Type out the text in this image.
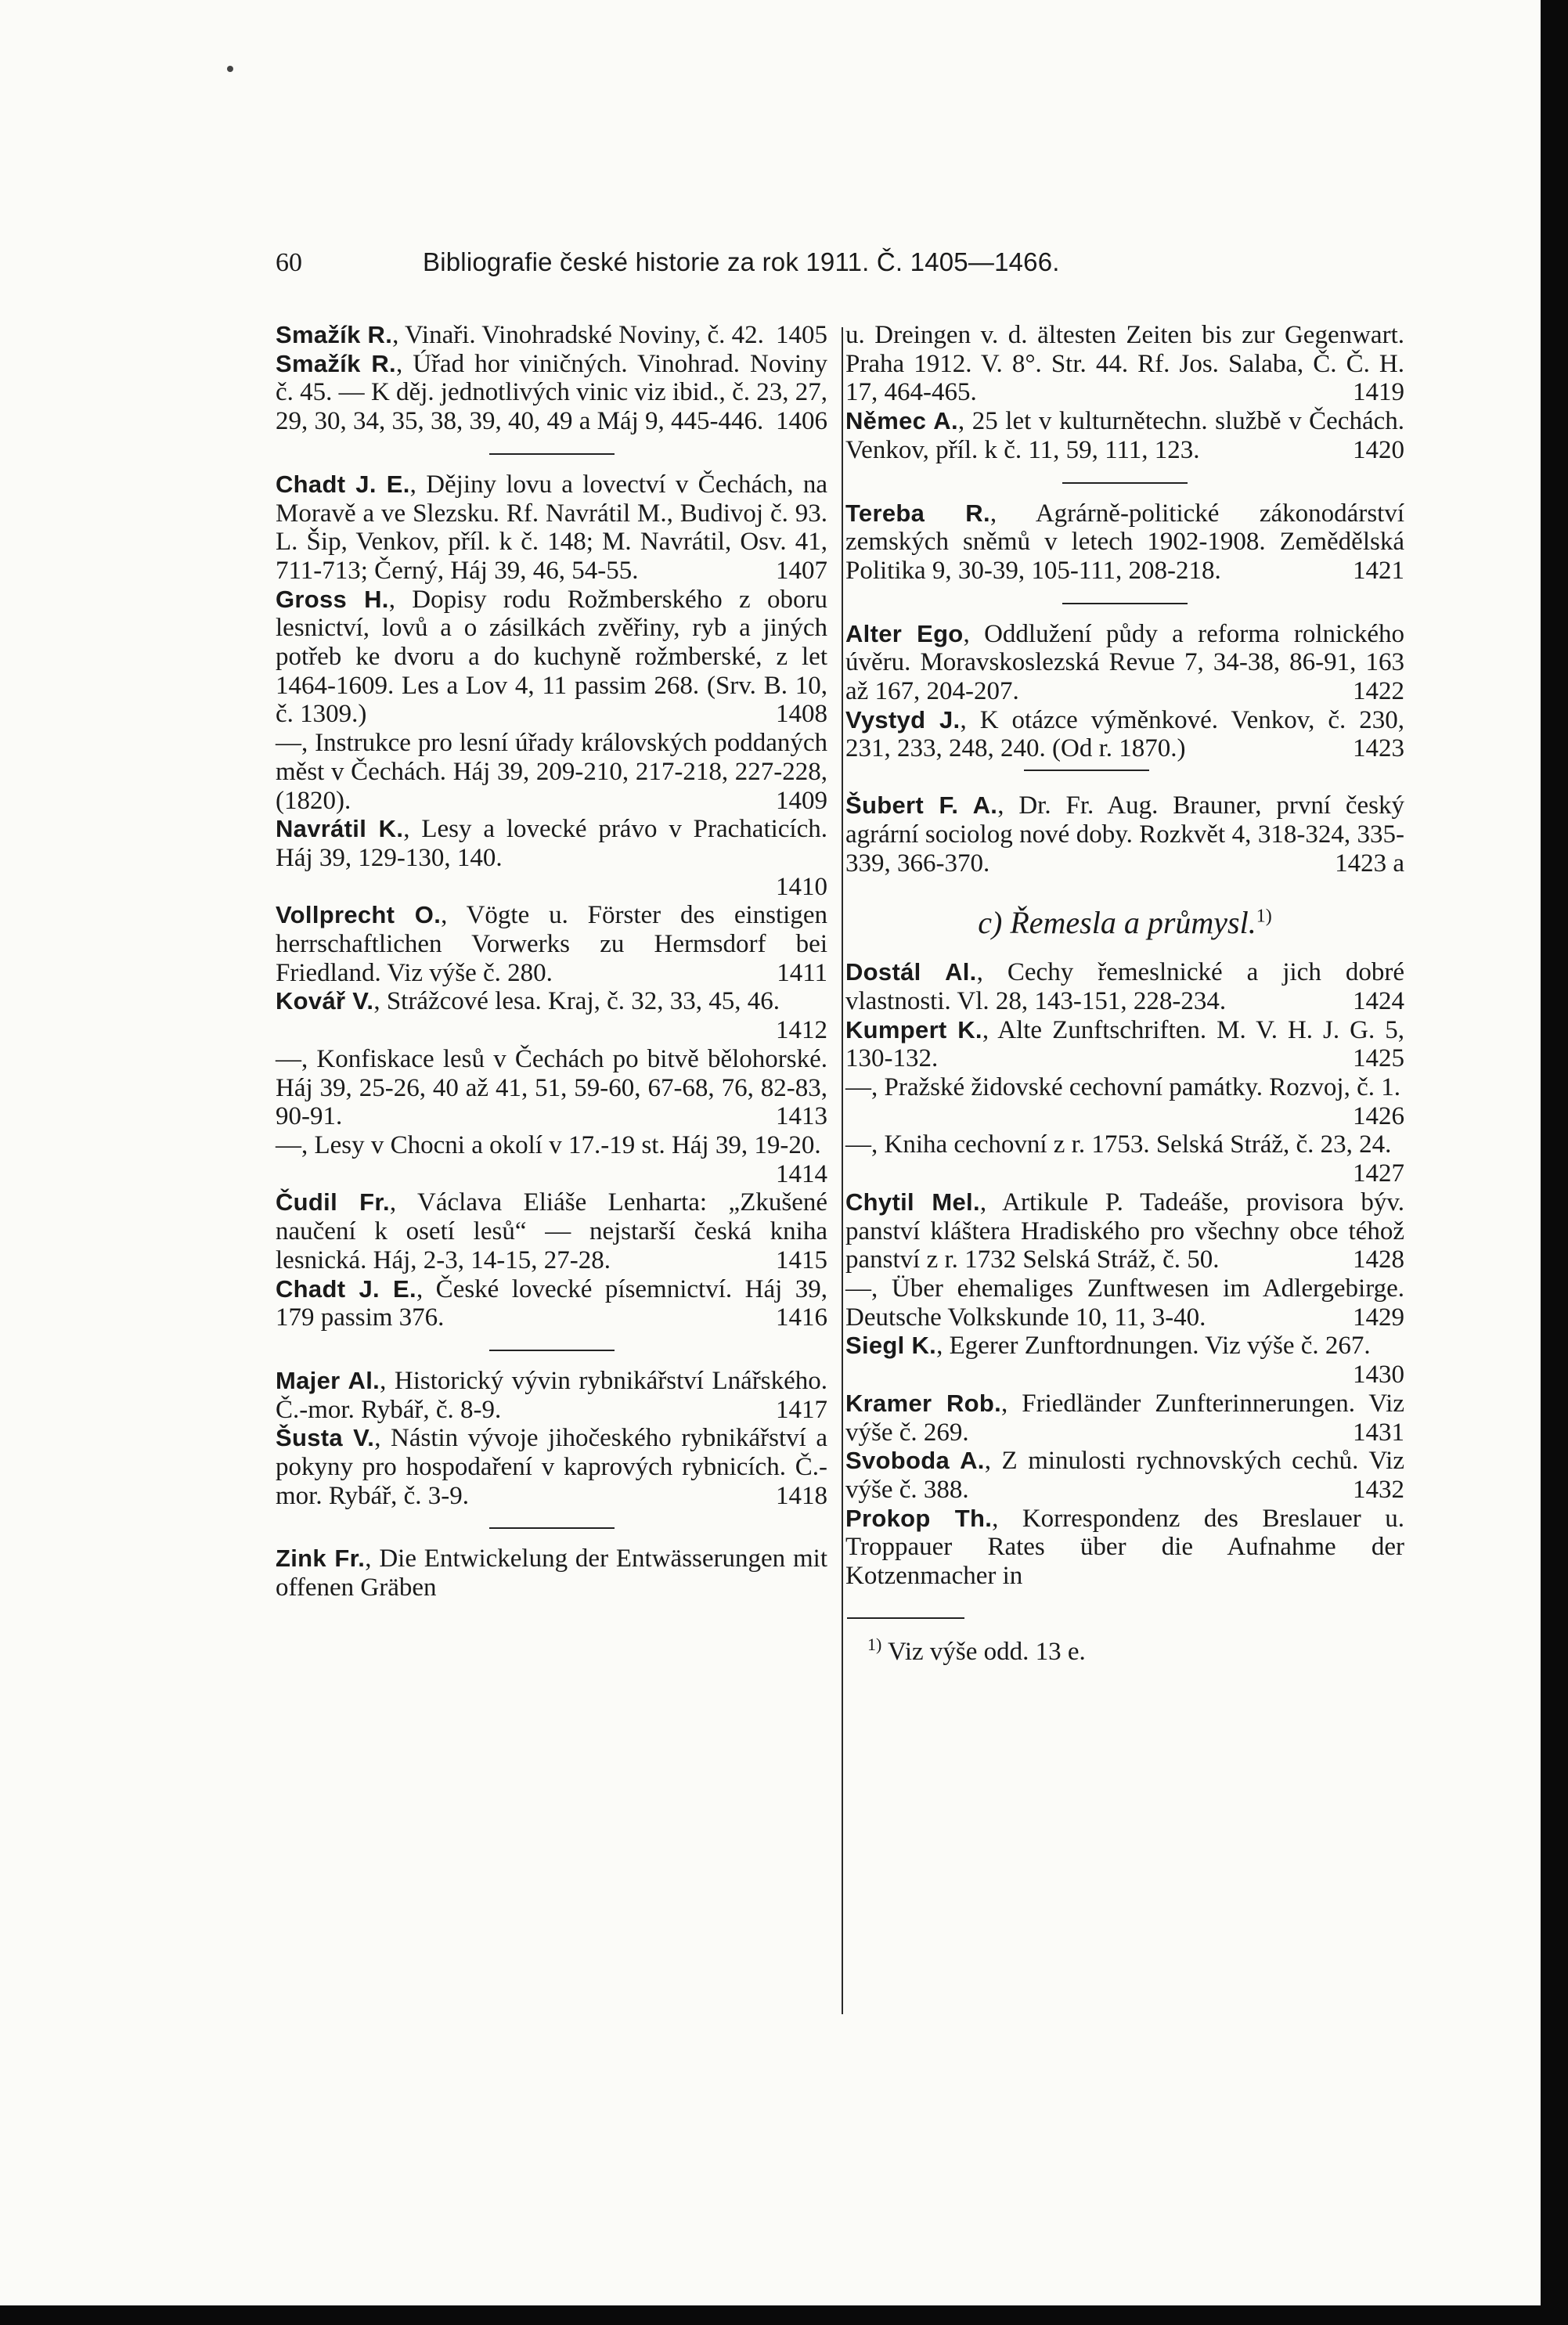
60	Bibliografie české historie za rok 1911. Č. 1405—1466.
Smažík R., Vinaři. Vinohradské Noviny, č. 42. 1405
Smažík R., Úřad hor viničných. Vinohrad. Noviny č. 45. — K děj. jednotlivých vinic viz ibid., č. 23, 27, 29, 30, 34, 35, 38, 39, 40, 49 a Máj 9, 445-446. 1406
Chadt J. E., Dějiny lovu a lovectví v Čechách, na Moravě a ve Slezsku. Rf. Navrátil M., Budivoj č. 93. L. Šip, Venkov, příl. k č. 148; M. Navrátil, Osv. 41, 711-713; Černý, Háj 39, 46, 54-55.	1407
Gross H., Dopisy rodu Rožmberského z oboru lesnictví, lovů a o zásilkách zvěřiny, ryb a jiných potřeb ke dvoru a do kuchyně rožmberské, z let 1464-1609. Les a Lov 4, 11 passim 268. (Srv. B. 10, č. 1309.)	1408
—, Instrukce pro lesní úřady královských poddaných měst v Čechách. Háj 39, 209-210, 217-218, 227-228, (1820).	1409
Navrátil K., Lesy a lovecké právo v Prachaticích. Háj 39, 129-130, 140.
1410
Vollprecht O., Vögte u. Förster des einstigen herrschaftlichen Vorwerks zu Hermsdorf bei Friedland. Viz výše č. 280.	1411
Kovář V., Strážcové lesa. Kraj, č. 32, 33, 45, 46.
1412
—, Konfiskace lesů v Čechách po bitvě bělohorské. Háj 39, 25-26, 40 až 41, 51, 59-60, 67-68, 76, 82-83, 90-91.	1413
—, Lesy v Chocni a okolí v 17.-19 st. Háj 39, 19-20.
1414
Čudil Fr., Václava Eliáše Lenharta: „Zkušené naučení k osetí lesů“ — nejstarší česká kniha lesnická. Háj, 2-3, 14-15, 27-28.	1415
Chadt J. E., České lovecké písemnictví. Háj 39, 179 passim 376.	1416
Majer Al., Historický vývin rybnikářství Lnářského. Č.-mor. Rybář, č. 8-9.	1417
Šusta V., Nástin vývoje jihočeského rybnikářství a pokyny pro hospodaření v kaprových rybnicích. Č.-mor. Rybář, č. 3-9.	1418
Zink Fr., Die Entwickelung der Entwässerungen mit offenen Gräben
u. Dreingen v. d. ältesten Zeiten bis zur Gegenwart. Praha 1912. V. 8°. Str. 44. Rf. Jos. Salaba, Č. Č. H. 17, 464-465.	1419
Němec A., 25 let v kulturnětechn. službě v Čechách. Venkov, příl. k č. 11, 59, 111, 123.	1420
Tereba R., Agrárně-politické zákonodárství zemských sněmů v letech 1902-1908. Zemědělská Politika 9, 30-39, 105-111, 208-218.	1421
Alter Ego, Oddlužení půdy a reforma rolnického úvěru. Moravskoslezská Revue 7, 34-38, 86-91, 163 až 167, 204-207.	1422
Vystyd J., K otázce výměnkové. Venkov, č. 230, 231, 233, 248, 240. (Od r. 1870.)	1423
Šubert F. A., Dr. Fr. Aug. Brauner, první český agrární sociolog nové doby. Rozkvět 4, 318-324, 335-339, 366-370.	1423 a
c) Řemesla a průmysl.$^{1)}$
Dostál Al., Cechy řemeslnické a jich dobré vlastnosti. Vl. 28, 143-151, 228-234.	1424
Kumpert K., Alte Zunftschriften. M. V. H. J. G. 5, 130-132.	1425
—, Pražské židovské cechovní památky. Rozvoj, č. 1.
1426
—, Kniha cechovní z r. 1753. Selská Stráž, č. 23, 24.
1427
Chytil Mel., Artikule P. Tadeáše, provisora býv. panství kláštera Hradiského pro všechny obce téhož panství z r. 1732 Selská Stráž, č. 50.	1428
—, Über ehemaliges Zunftwesen im Adlergebirge. Deutsche Volkskunde 10, 11, 3-40.	1429
Siegl K., Egerer Zunftordnungen. Viz výše č. 267.
1430
Kramer Rob., Friedländer Zunfterinnerungen. Viz výše č. 269.	1431
Svoboda A., Z minulosti rychnovských cechů. Viz výše č. 388.	1432
Prokop Th., Korrespondenz des Breslauer u. Troppauer Rates über die Aufnahme der Kotzenmacher in
$^{1)}$ Viz výše odd. 13 e.
